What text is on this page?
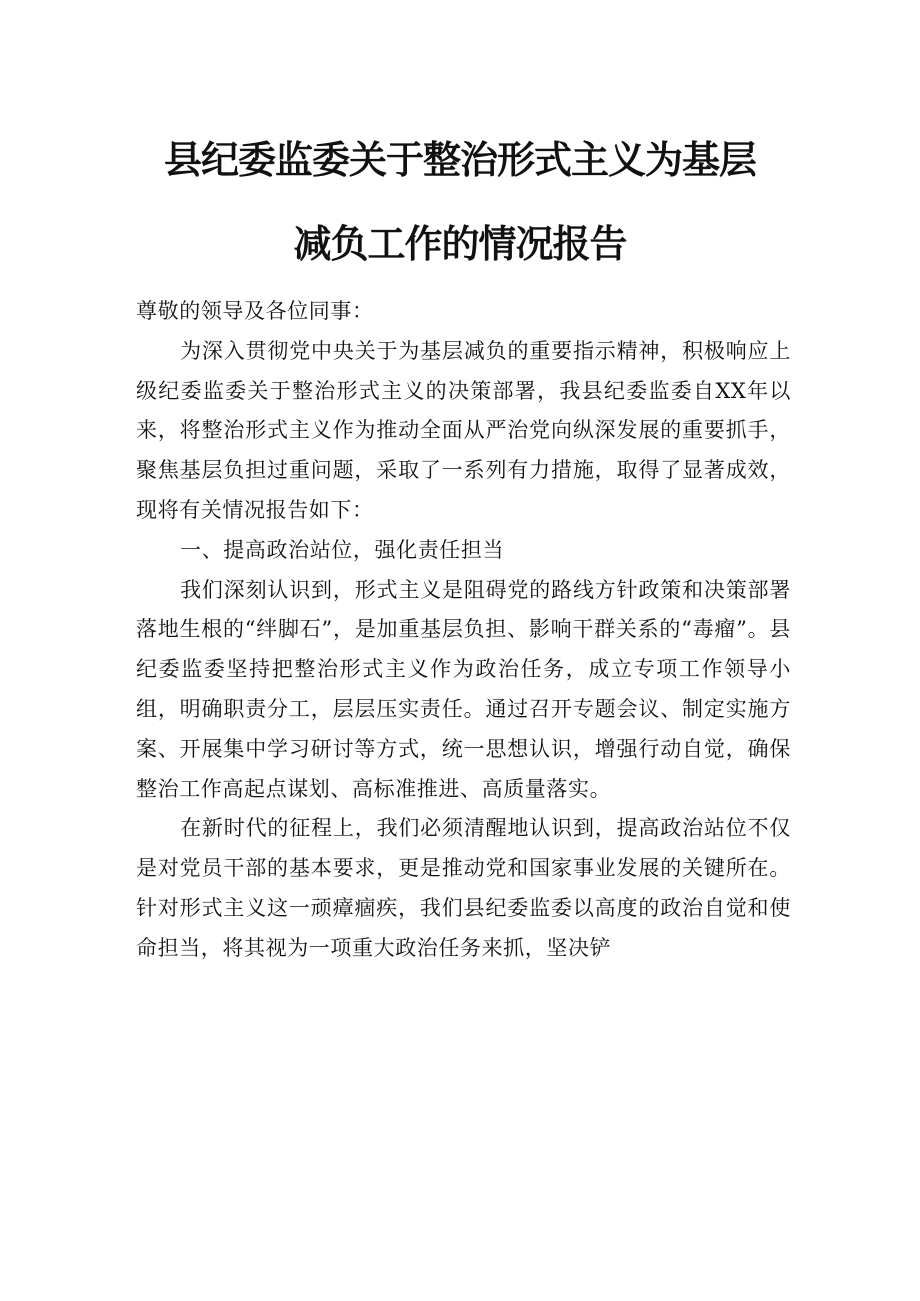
县纪委监委关于整治形式主义为基层
减负工作的情况报告

尊敬的领导及各位同事：

为深入贯彻党中央关于为基层减负的重要指示精神，积极响应上级纪委监委关于整治形式主义的决策部署，我县纪委监委自XX年以来，将整治形式主义作为推动全面从严治党向纵深发展的重要抓手，聚焦基层负担过重问题，采取了一系列有力措施，取得了显著成效，现将有关情况报告如下：

一、提高政治站位，强化责任担当

我们深刻认识到，形式主义是阻碍党的路线方针政策和决策部署落地生根的“绊脚石”，是加重基层负担、影响干群关系的“毒瘤”。县纪委监委坚持把整治形式主义作为政治任务，成立专项工作领导小组，明确职责分工，层层压实责任。通过召开专题会议、制定实施方案、开展集中学习研讨等方式，统一思想认识，增强行动自觉，确保整治工作高起点谋划、高标准推进、高质量落实。

在新时代的征程上，我们必须清醒地认识到，提高政治站位不仅是对党员干部的基本要求，更是推动党和国家事业发展的关键所在。针对形式主义这一顽瘴痼疾，我们县纪委监委以高度的政治自觉和使命担当，将其视为一项重大政治任务来抓，坚决铲
